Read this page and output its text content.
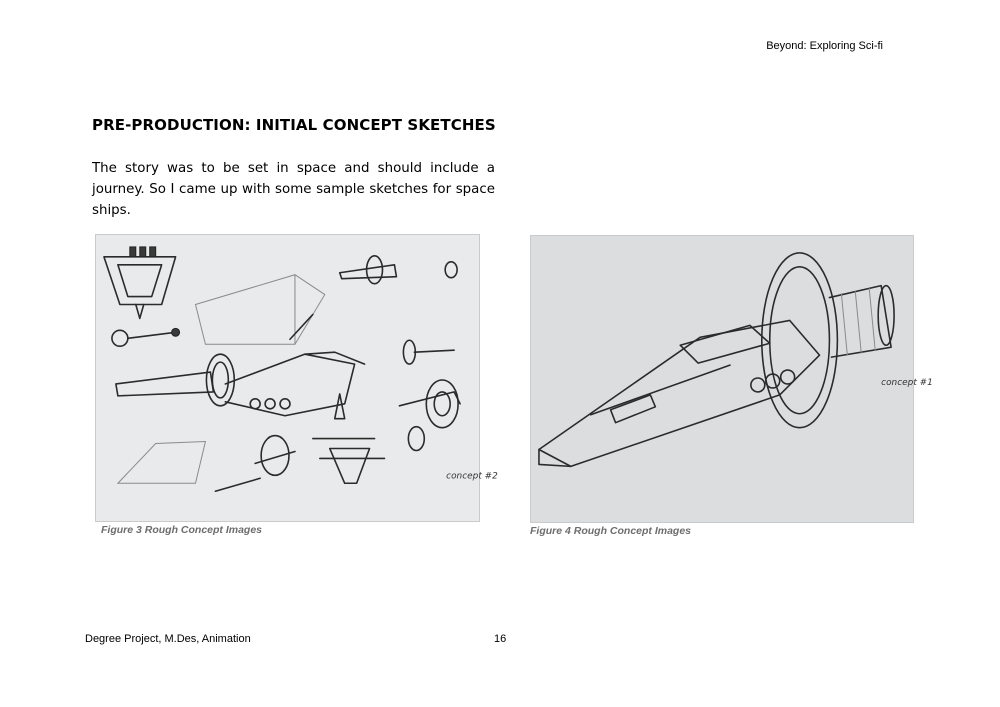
Beyond: Exploring Sci-fi
PRE-PRODUCTION: INITIAL CONCEPT SKETCHES

The story was to be set in space and should include a journey. So I came up with some sample sketches for space ships.

concept #2
Figure 3 Rough Concept Images
concept #1
Figure 4 Rough Concept Images
Degree Project, M.Des, Animation	16
